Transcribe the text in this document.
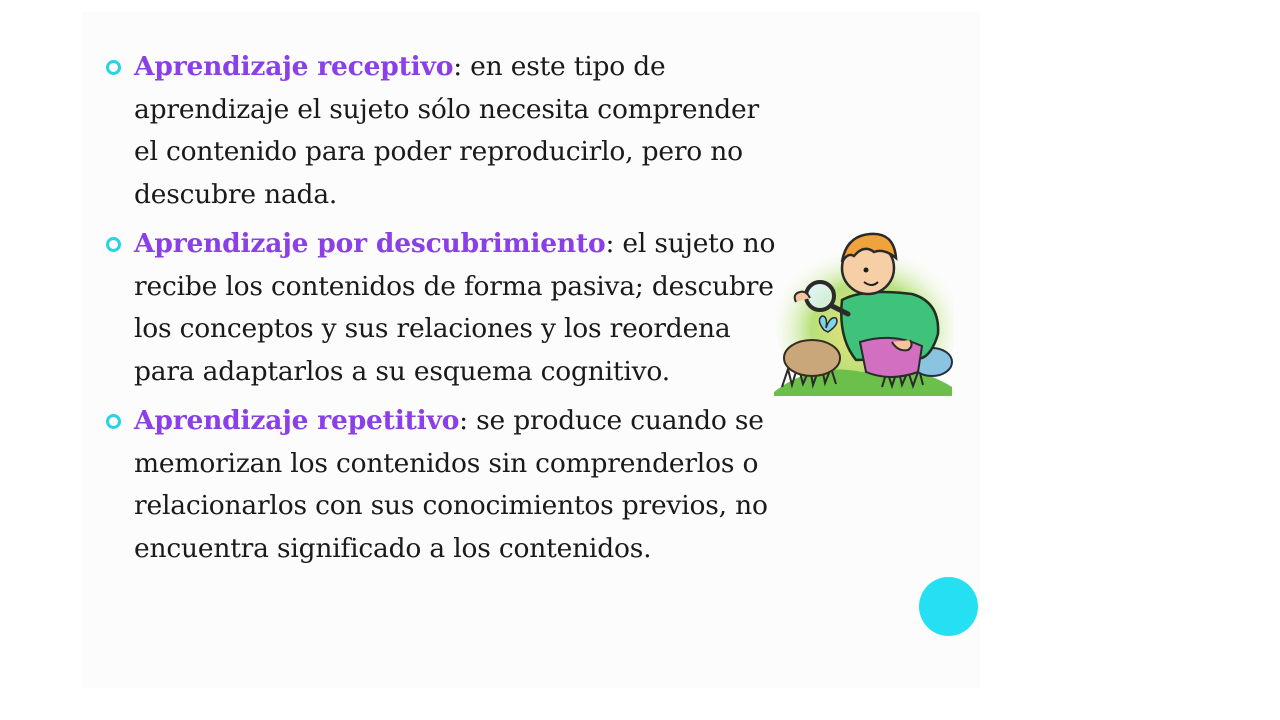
Aprendizaje receptivo: en este tipo de aprendizaje el sujeto sólo necesita comprender el contenido para poder reproducirlo, pero no descubre nada.
Aprendizaje por descubrimiento: el sujeto no recibe los contenidos de forma pasiva; descubre los conceptos y sus relaciones y los reordena para adaptarlos a su esquema cognitivo.
Aprendizaje repetitivo: se produce cuando se memorizan los contenidos sin comprenderlos o relacionarlos con sus conocimientos previos, no encuentra significado a los contenidos.
